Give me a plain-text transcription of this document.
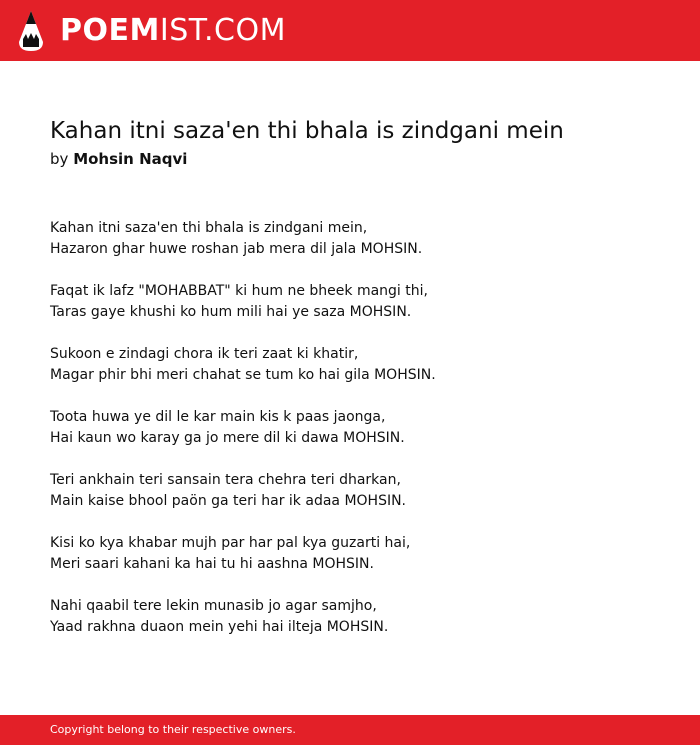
POEMIST.COM
Kahan itni saza'en thi bhala is zindgani mein
by Mohsin Naqvi
Kahan itni saza'en thi bhala is zindgani mein,
Hazaron ghar huwe roshan jab mera dil jala MOHSIN.
Faqat ik lafz "MOHABBAT" ki hum ne bheek mangi thi,
Taras gaye khushi ko hum mili hai ye saza MOHSIN.
Sukoon e zindagi chora ik teri zaat ki khatir,
Magar phir bhi meri chahat se tum ko hai gila MOHSIN.
Toota huwa ye dil le kar main kis k paas jaonga,
Hai kaun wo karay ga jo mere dil ki dawa MOHSIN.
Teri ankhain teri sansain tera chehra teri dharkan,
Main kaise bhool paön ga teri har ik adaa MOHSIN.
Kisi ko kya khabar mujh par har pal kya guzarti hai,
Meri saari kahani ka hai tu hi aashna MOHSIN.
Nahi qaabil tere lekin munasib jo agar samjho,
Yaad rakhna duaon mein yehi hai ilteja MOHSIN.
Copyright belong to their respective owners.
